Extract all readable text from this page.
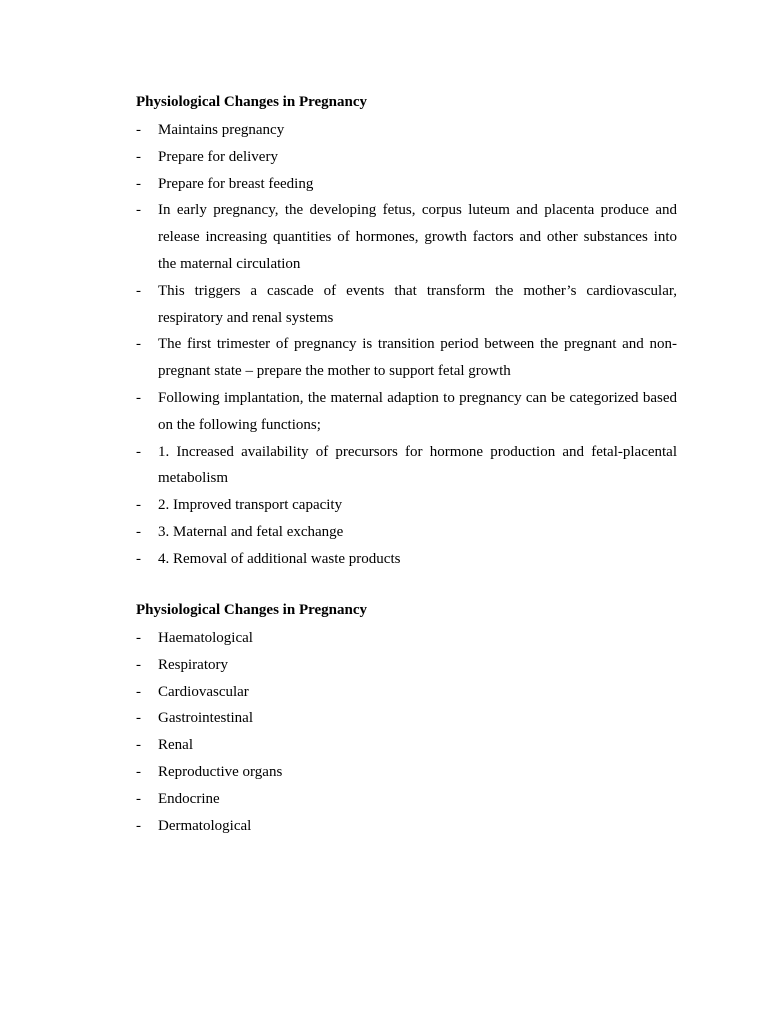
Physiological Changes in Pregnancy
-	Maintains pregnancy
-	Prepare for delivery
-	Prepare for breast feeding
-	In early pregnancy, the developing fetus, corpus luteum and placenta produce and release increasing quantities of hormones, growth factors and other substances into the maternal circulation
-	This triggers a cascade of events that transform the mother’s cardiovascular, respiratory and renal systems
-	The first trimester of pregnancy is transition period between the pregnant and non-pregnant state – prepare the mother to support fetal growth
-	Following implantation, the maternal adaption to pregnancy can be categorized based on the following functions;
-	1. Increased availability of precursors for hormone production and fetal-placental metabolism
-	2. Improved transport capacity
-	3. Maternal and fetal exchange
-	4. Removal of additional waste products
Physiological Changes in Pregnancy
-	Haematological
-	Respiratory
-	Cardiovascular
-	Gastrointestinal
-	Renal
-	Reproductive organs
-	Endocrine
-	Dermatological
